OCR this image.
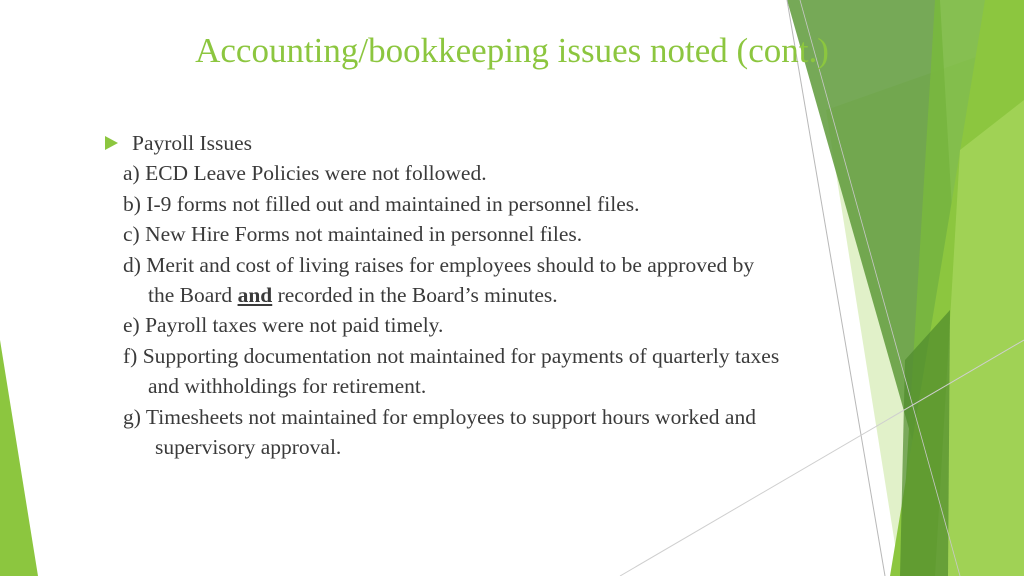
Accounting/bookkeeping issues noted (cont.)
Payroll Issues
a) ECD Leave Policies were not followed.
b) I-9 forms not filled out and maintained in personnel files.
c) New Hire Forms not maintained in personnel files.
d) Merit and cost of living raises for employees should to be approved by
the Board and recorded in the Board’s minutes.
e) Payroll taxes were not paid timely.
f) Supporting documentation not maintained for payments of quarterly taxes
and withholdings for retirement.
g) Timesheets not maintained for employees to support hours worked and
supervisory approval.
